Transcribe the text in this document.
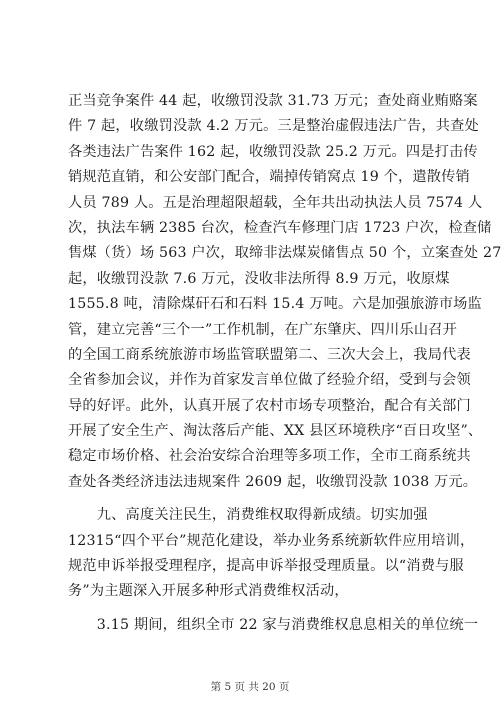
正当竞争案件 44 起，收缴罚没款 31.73 万元；查处商业贿赂案
件 7 起，收缴罚没款 4.2 万元。三是整治虚假违法广告，共查处
各类违法广告案件 162 起，收缴罚没款 25.2 万元。四是打击传
销规范直销，和公安部门配合，端掉传销窝点 19 个，遣散传销
人员 789 人。五是治理超限超载，全年共出动执法人员 7574 人
次，执法车辆 2385 台次，检查汽车修理门店 1723 户次，检查储
售煤（货）场 563 户次，取缔非法煤炭储售点 50 个，立案查处 27
起，收缴罚没款 7.6 万元，没收非法所得 8.9 万元，收原煤
1555.8 吨，清除煤矸石和石料 15.4 万吨。六是加强旅游市场监
管，建立完善“三个一”工作机制，在广东肇庆、四川乐山召开
的全国工商系统旅游市场监管联盟第二、三次大会上，我局代表
全省参加会议，并作为首家发言单位做了经验介绍，受到与会领
导的好评。此外，认真开展了农村市场专项整治，配合有关部门
开展了安全生产、淘汰落后产能、XX 县区环境秩序“百日攻坚”、
稳定市场价格、社会治安综合治理等多项工作，全市工商系统共
查处各类经济违法违规案件 2609 起，收缴罚没款 1038 万元。
　　九、高度关注民生，消费维权取得新成绩。切实加强
12315“四个平台”规范化建设，举办业务系统新软件应用培训，
规范申诉举报受理程序，提高申诉举报受理质量。以“消费与服
务”为主题深入开展多种形式消费维权活动，
　　3.15 期间，组织全市 22 家与消费维权息息相关的单位统一
第 5 页 共 20 页
